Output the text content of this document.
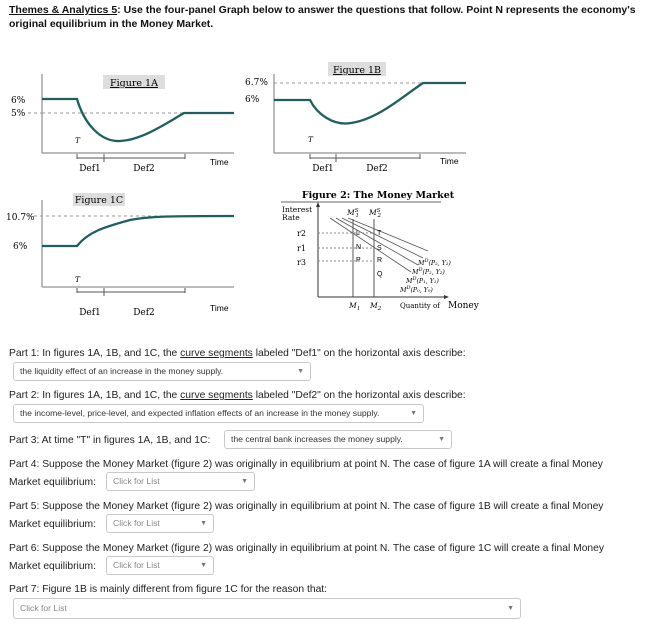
Themes & Analytics 5: Use the four-panel Graph below to answer the questions that follow. Point N represents the economy's original equilibrium in the Money Market.
Figure 1A
6%
5%
T
Def1	Def2
Time
Figure 1B
6.7%
6%
T
Def1	Def2
Time
Figure 1C
10.7%
6%
T
Def1	Def2	Time
Figure 2: The Money Market
Interest
Rate
r2
r1
r3
$M^S$ 1 $M^S$ 2
L T
N S
P R
Q
$M^D(P_2$, Y₂)
$M^D(P_2$, Y₂)
$M^D(P_1$, Y₁)
$M^D(P_0$, Y₀)
$M_1$ $M_2$	Quantity of Money
Part 1: In figures 1A, 1B, and 1C, the curve segments labeled "Def1" on the horizontal axis describe:
the liquidity effect of an increase in the money supply.	▼
Part 2: In figures 1A, 1B, and 1C, the curve segments labeled "Def2" on the horizontal axis describe:
the income-level, price-level, and expected inflation effects of an increase in the money supply.	▼
Part 3: At time "T" in figures 1A, 1B, and 1C:	the central bank increases the money supply.	▼
Part 4: Suppose the Money Market (figure 2) was originally in equilibrium at point N. The case of figure 1A will create a final Money
Market equilibrium:	Click for List	▼
Part 5: Suppose the Money Market (figure 2) was originally in equilibrium at point N. The case of figure 1B will create a final Money
Market equilibrium:	Click for List	▼
Part 6: Suppose the Money Market (figure 2) was originally in equilibrium at point N. The case of figure 1C will create a final Money
Market equilibrium:	Click for List	▼
Part 7: Figure 1B is mainly different from figure 1C for the reason that:
Click for List	▼
